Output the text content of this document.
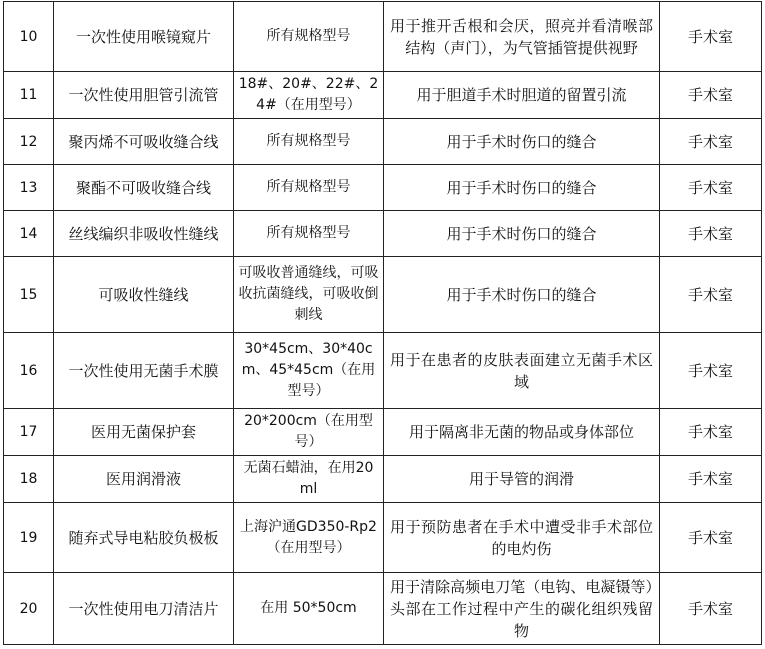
10	一次性使用喉镜窥片	所有规格型号	用于推开舌根和会厌，照亮并看清喉部结构（声门），为气管插管提供视野	手术室
11	一次性使用胆管引流管	18#、20#、22#、24#（在用型号）	用于胆道手术时胆道的留置引流	手术室
12	聚丙烯不可吸收缝合线	所有规格型号	用于手术时伤口的缝合	手术室
13	聚酯不可吸收缝合线	所有规格型号	用于手术时伤口的缝合	手术室
14	丝线编织非吸收性缝线	所有规格型号	用于手术时伤口的缝合	手术室
15	可吸收性缝线	可吸收普通缝线，可吸收抗菌缝线，可吸收倒刺线	用于手术时伤口的缝合	手术室
16	一次性使用无菌手术膜	30*45cm、30*40cm、45*45cm（在用型号）	用于在患者的皮肤表面建立无菌手术区域	手术室
17	医用无菌保护套	20*200cm（在用型号）	用于隔离非无菌的物品或身体部位	手术室
18	医用润滑液	无菌石蜡油，在用20ml	用于导管的润滑	手术室
19	随弃式导电粘胶负极板	上海沪通GD350-Rp2（在用型号）	用于预防患者在手术中遭受非手术部位的电灼伤	手术室
20	一次性使用电刀清洁片	在用 50*50cm	用于清除高频电刀笔（电钩、电凝镊等）头部在工作过程中产生的碳化组织残留物	手术室
